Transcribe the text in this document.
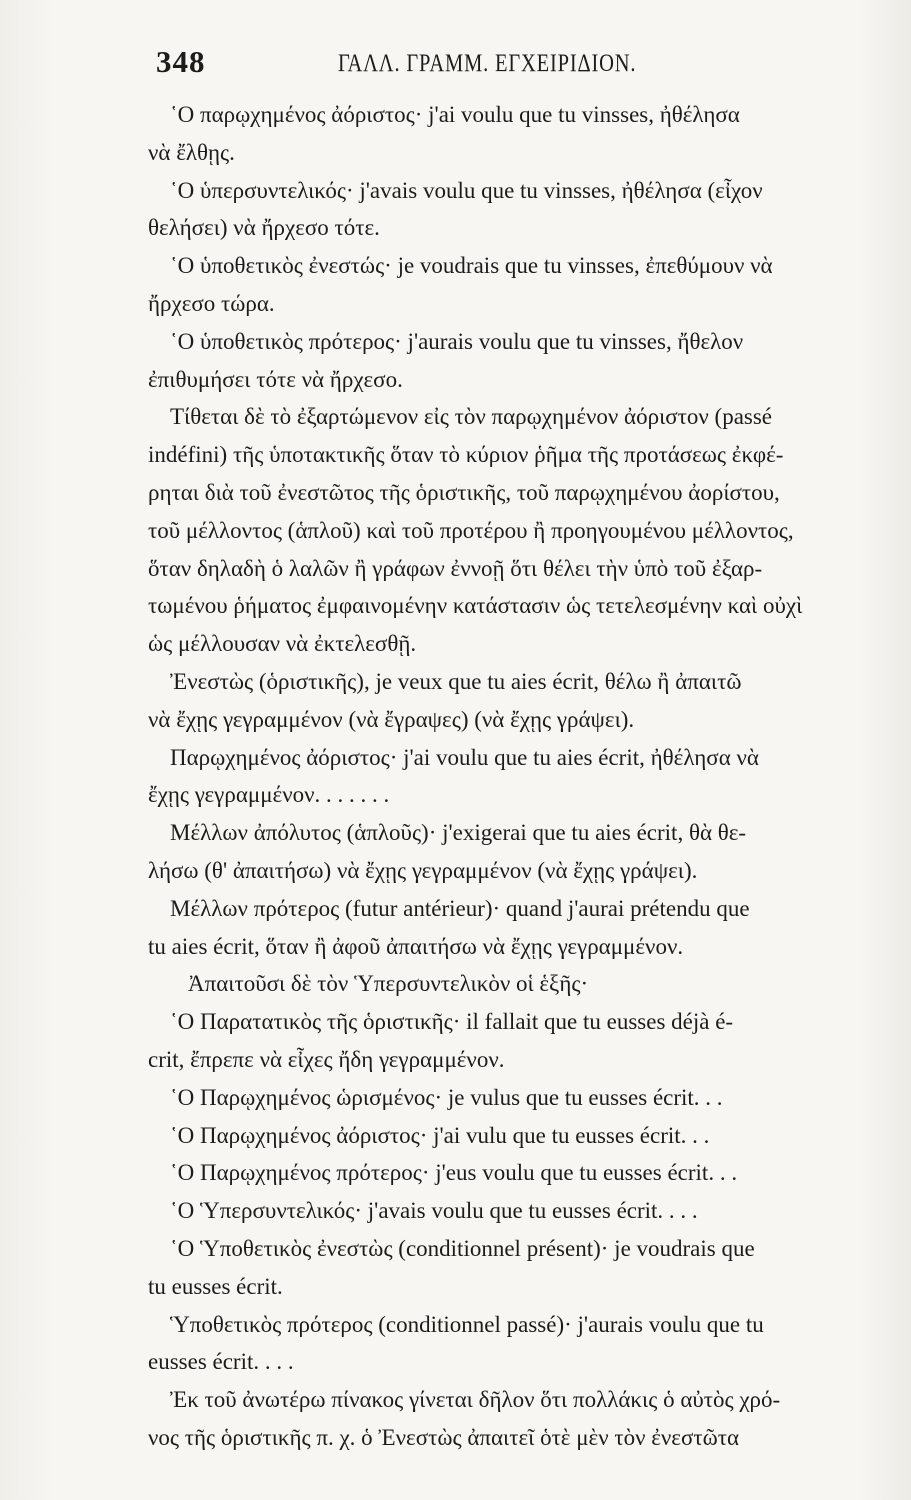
348	ΓΑΛΛ. ΓΡΑΜΜ. ΕΓΧΕΙΡΙΔΙΟΝ.
῾Ο παρῳχημένος ἀόριστος· j'ai voulu que tu vinsses, ἠθέλησα
νὰ ἔλθῃς.
῾Ο ὑπερσυντελικός· j'avais voulu que tu vinsses, ἠθέλησα (εἶχον
θελήσει) νὰ ἤρχεσο τότε.
῾Ο ὑποθετικὸς ἐνεστώς· je voudrais que tu vinsses, ἐπεθύμουν νὰ
ἤρχεσο τώρα.
῾Ο ὑποθετικὸς πρότερος· j'aurais voulu que tu vinsses, ἤθελον
ἐπιθυμήσει τότε νὰ ἤρχεσο.
Τίθεται δὲ τὸ ἐξαρτώμενον εἰς τὸν παρῳχημένον ἀόριστον (passé
indéfini) τῆς ὑποτακτικῆς ὅταν τὸ κύριον ῥῆμα τῆς προτάσεως ἐκφέ-
ρηται διὰ τοῦ ἐνεστῶτος τῆς ὁριστικῆς, τοῦ παρῳχημένου ἀορίστου,
τοῦ μέλλοντος (ἁπλοῦ) καὶ τοῦ προτέρου ἢ προηγουμένου μέλλοντος,
ὅταν δηλαδὴ ὁ λαλῶν ἢ γράφων ἐννοῇ ὅτι θέλει τὴν ὑπὸ τοῦ ἐξαρ-
τωμένου ῥήματος ἐμφαινομένην κατάστασιν ὡς τετελεσμένην καὶ οὐχὶ
ὡς μέλλουσαν νὰ ἐκτελεσθῇ.
Ἐνεστὼς (ὁριστικῆς), je veux que tu aies écrit, θέλω ἢ ἀπαιτῶ
νὰ ἔχῃς γεγραμμένον (νὰ ἔγραψες) (νὰ ἔχῃς γράψει).
Παρῳχημένος ἀόριστος· j'ai voulu que tu aies écrit, ἠθέλησα νὰ
ἔχῃς γεγραμμένον. . . . . . .
Μέλλων ἀπόλυτος (ἁπλοῦς)· j'exigerai que tu aies écrit, θὰ θε-
λήσω (θ' ἀπαιτήσω) νὰ ἔχῃς γεγραμμένον (νὰ ἔχῃς γράψει).
Μέλλων πρότερος (futur antérieur)· quand j'aurai prétendu que
tu aies écrit, ὅταν ἢ ἀφοῦ ἀπαιτήσω νὰ ἔχῃς γεγραμμένον.
Ἀπαιτοῦσι δὲ τὸν Ὑπερσυντελικὸν οἱ ἑξῆς·
῾Ο Παρατατικὸς τῆς ὁριστικῆς· il fallait que tu eusses déjà é-
crit, ἔπρεπε νὰ εἶχες ἤδη γεγραμμένον.
῾Ο Παρῳχημένος ὡρισμένος· je vulus que tu eusses écrit. . .
῾Ο Παρῳχημένος ἀόριστος· j'ai vulu que tu eusses écrit. . .
῾Ο Παρῳχημένος πρότερος· j'eus voulu que tu eusses écrit. . .
῾Ο Ὑπερσυντελικός· j'avais voulu que tu eusses écrit. . . .
῾Ο Ὑποθετικὸς ἐνεστὼς (conditionnel présent)· je voudrais que
tu eusses écrit.
Ὑποθετικὸς πρότερος (conditionnel passé)· j'aurais voulu que tu
eusses écrit. . . .
Ἐκ τοῦ ἀνωτέρω πίνακος γίνεται δῆλον ὅτι πολλάκις ὁ αὐτὸς χρό-
νος τῆς ὁριστικῆς π. χ. ὁ Ἐνεστὼς ἀπαιτεῖ ὁτὲ μὲν τὸν ἐνεστῶτα
